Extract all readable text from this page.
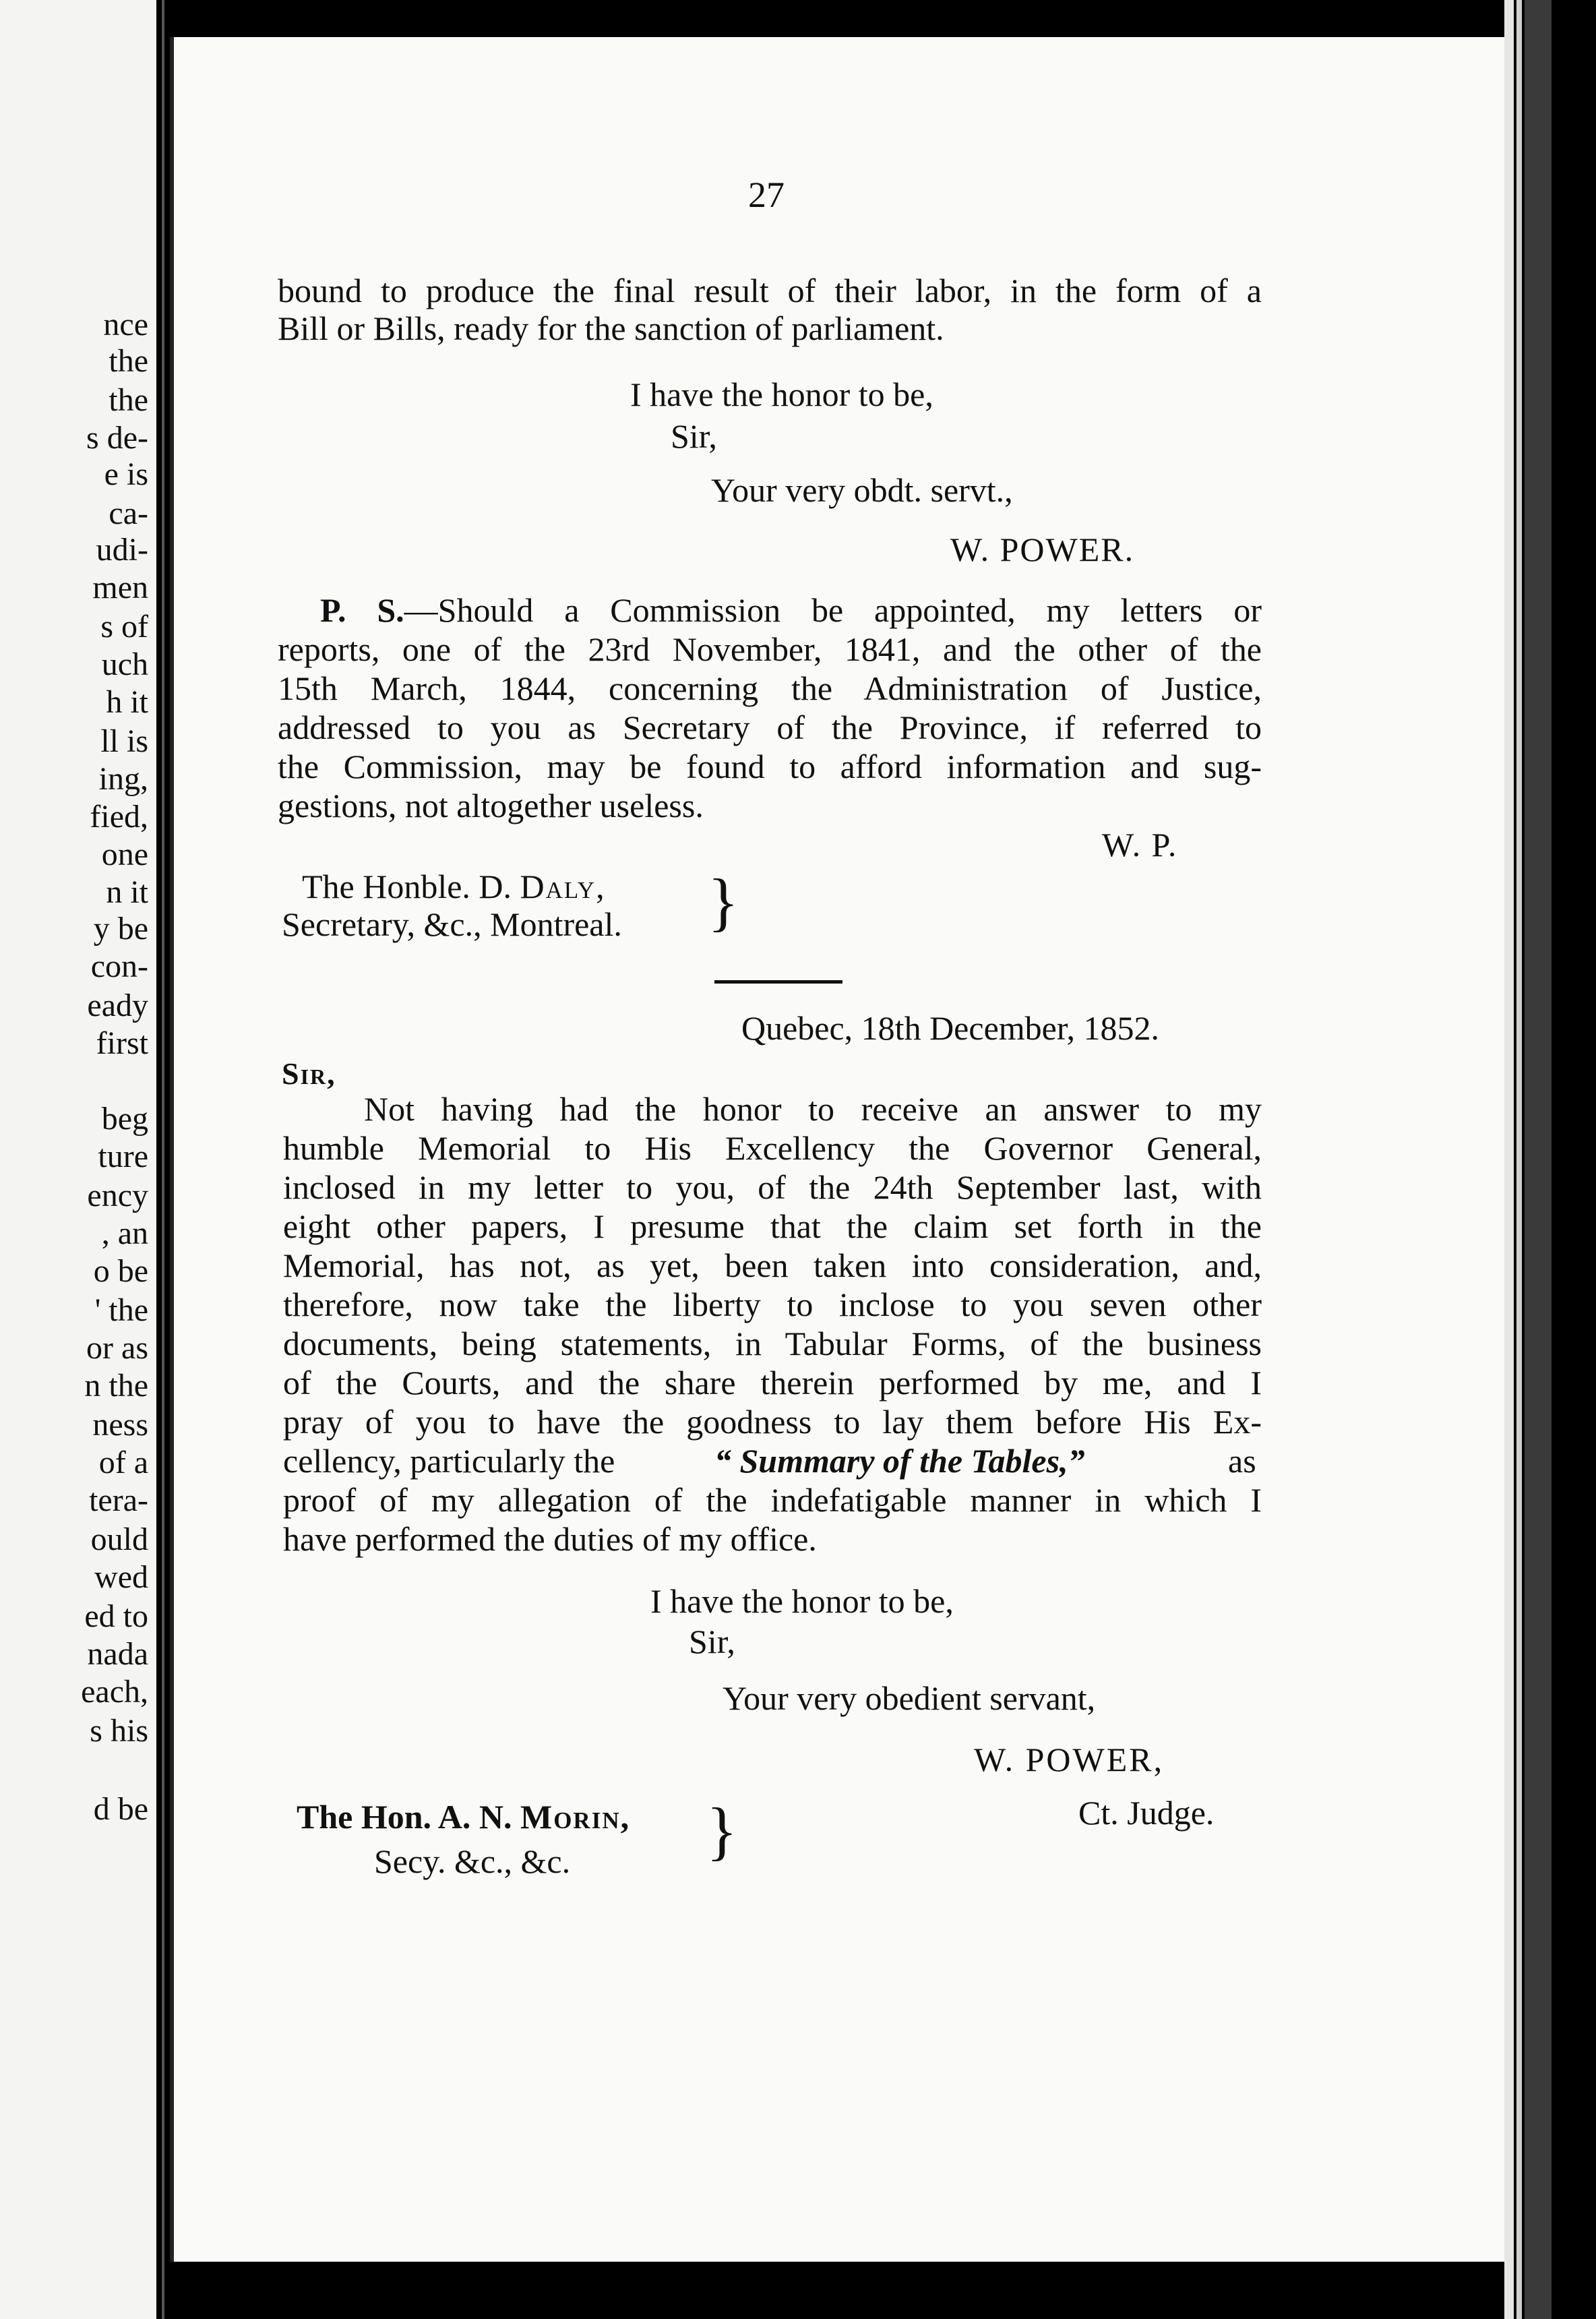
nce
the
the
s de-
e is
ca-
udi-
men
s of
uch
h it
ll is
ing,
fied,
one
n it
y be
con-
eady
first
beg
ture
ency
, an
o be
' the
or as
n the
ness
of a
tera-
ould
wed
ed to
nada
each,
s his
d be
27
bound to produce the final result of their labor, in the form of a
Bill or Bills, ready for the sanction of parliament.
I have the honor to be,
Sir,
Your very obdt. servt.,
W. POWER.
P. S.—Should a Commission be appointed, my letters or
reports, one of the 23rd November, 1841, and the other of the
15th March, 1844, concerning the Administration of Justice,
addressed to you as Secretary of the Province, if referred to
the Commission, may be found to afford information and sug-
gestions, not altogether useless.
W. P.
The Honble. D. Daly,
Secretary, &c., Montreal. }
Quebec, 18th December, 1852.
Sir,
Not having had the honor to receive an answer to my
humble Memorial to His Excellency the Governor General,
inclosed in my letter to you, of the 24th September last, with
eight other papers, I presume that the claim set forth in the
Memorial, has not, as yet, been taken into consideration, and,
therefore, now take the liberty to inclose to you seven other
documents, being statements, in Tabular Forms, of the business
of the Courts, and the share therein performed by me, and I
pray of you to have the goodness to lay them before His Ex-
cellency, particularly the	“ Summary of the Tables,”	as
proof of my allegation of the indefatigable manner in which I
have performed the duties of my office.
I have the honor to be,
Sir,
Your very obedient servant,
W. POWER,
Ct. Judge.
The Hon. A. N. Morin,
Secy. &c., &c. }
